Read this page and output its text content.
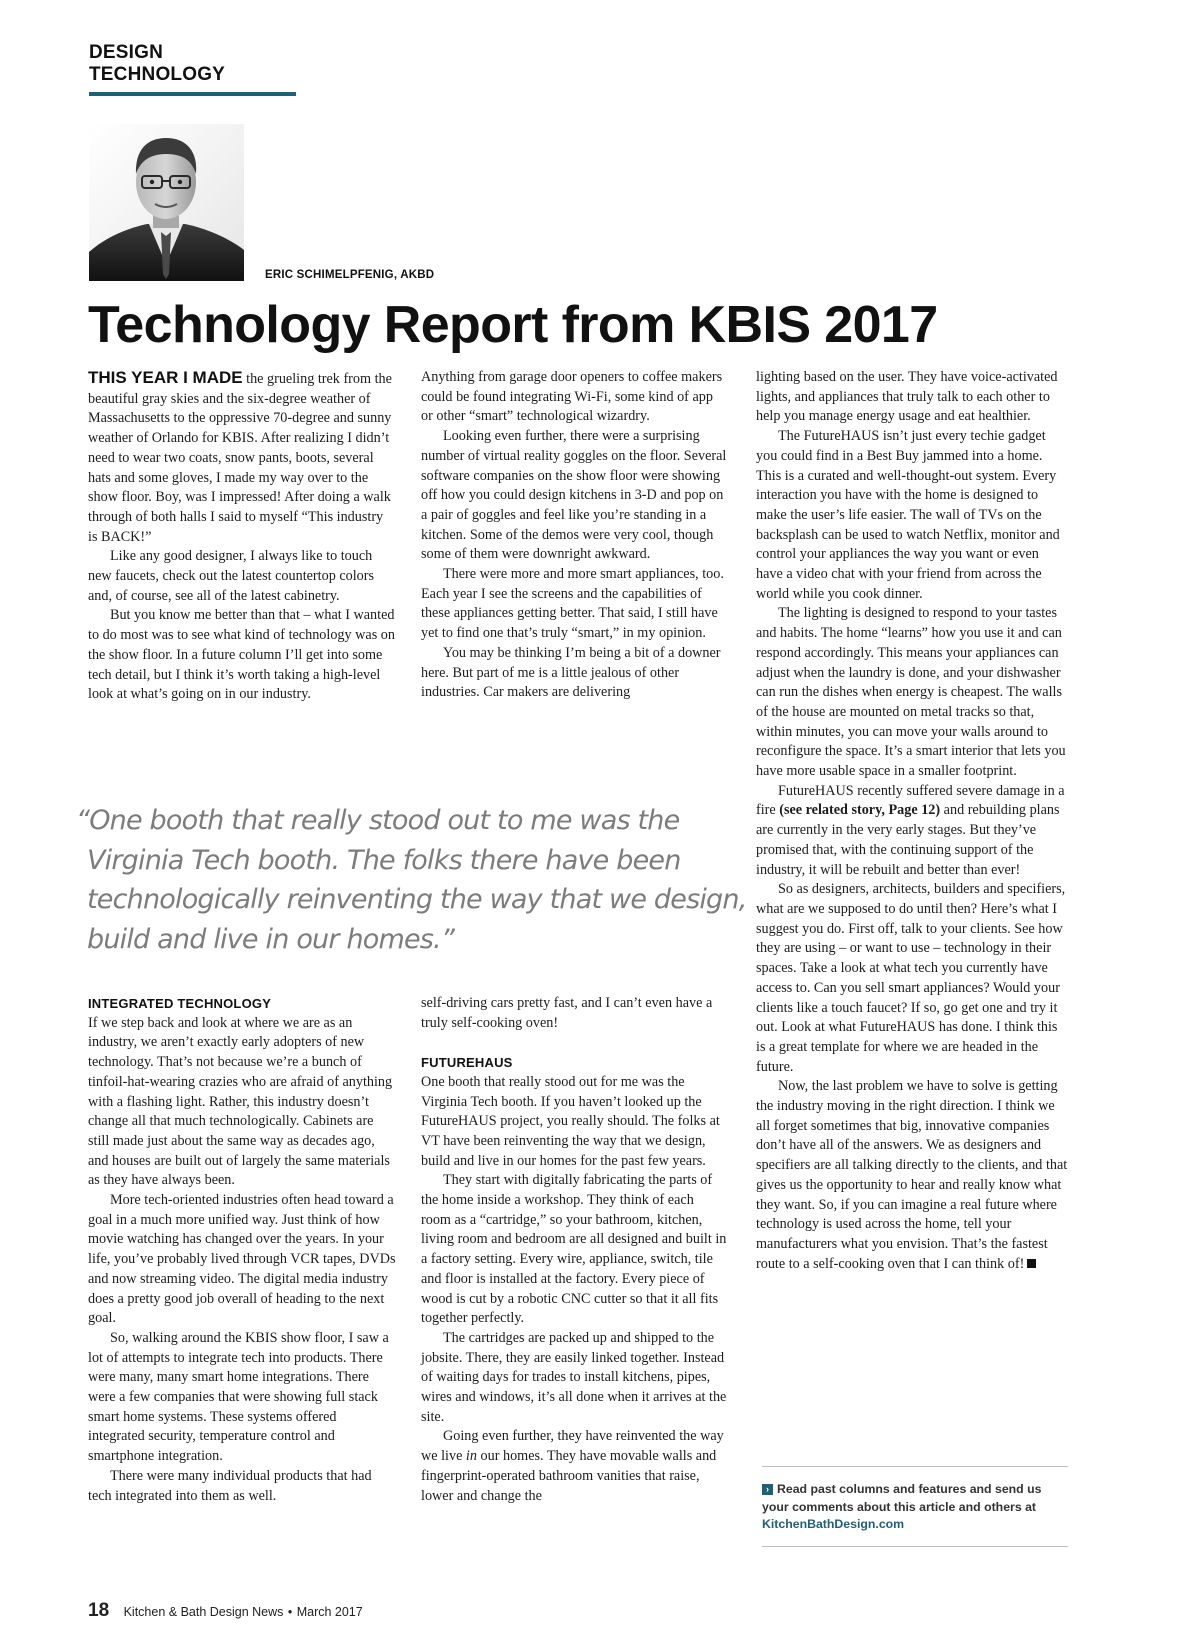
DESIGN TECHNOLOGY
ERIC SCHIMELPFENIG, AKBD
Technology Report from KBIS 2017

THIS YEAR I MADE the grueling trek from the beautiful gray skies and the six-degree weather of Massachusetts to the oppressive 70-degree and sunny weather of Orlando for KBIS. After realizing I didn’t need to wear two coats, snow pants, boots, several hats and some gloves, I made my way over to the show floor. Boy, was I impressed! After doing a walk through of both halls I said to myself “This industry is BACK!”

Like any good designer, I always like to touch new faucets, check out the latest countertop colors and, of course, see all of the latest cabinetry.

But you know me better than that – what I wanted to do most was to see what kind of technology was on the show floor. In a future column I’ll get into some tech detail, but I think it’s worth taking a high-level look at what’s going on in our industry.

Anything from garage door openers to coffee makers could be found integrating Wi-Fi, some kind of app or other “smart” technological wizardry.

Looking even further, there were a surprising number of virtual reality goggles on the floor. Several software companies on the show floor were showing off how you could design kitchens in 3-D and pop on a pair of goggles and feel like you’re standing in a kitchen. Some of the demos were very cool, though some of them were downright awkward.

There were more and more smart appliances, too. Each year I see the screens and the capabilities of these appliances getting better. That said, I still have yet to find one that’s truly “smart,” in my opinion.

You may be thinking I’m being a bit of a downer here. But part of me is a little jealous of other industries. Car makers are delivering

“One booth that really stood out to me was the
Virginia Tech booth. The folks there have been
technologically reinventing the way that we design,
build and live in our homes.”

INTEGRATED TECHNOLOGY

If we step back and look at where we are as an industry, we aren’t exactly early adopters of new technology. That’s not because we’re a bunch of tinfoil-hat-wearing crazies who are afraid of anything with a flashing light. Rather, this industry doesn’t change all that much technologically. Cabinets are still made just about the same way as decades ago, and houses are built out of largely the same materials as they have always been.

More tech-oriented industries often head toward a goal in a much more unified way. Just think of how movie watching has changed over the years. In your life, you’ve probably lived through VCR tapes, DVDs and now streaming video. The digital media industry does a pretty good job overall of heading to the next goal.

So, walking around the KBIS show floor, I saw a lot of attempts to integrate tech into products. There were many, many smart home integrations. There were a few companies that were showing full stack smart home systems. These systems offered integrated security, temperature control and smartphone integration.

There were many individual products that had tech integrated into them as well.

self-driving cars pretty fast, and I can’t even have a truly self-cooking oven!

FUTUREHAUS

One booth that really stood out for me was the Virginia Tech booth. If you haven’t looked up the FutureHAUS project, you really should. The folks at VT have been reinventing the way that we design, build and live in our homes for the past few years.

They start with digitally fabricating the parts of the home inside a workshop. They think of each room as a “cartridge,” so your bathroom, kitchen, living room and bedroom are all designed and built in a factory setting. Every wire, appliance, switch, tile and floor is installed at the factory. Every piece of wood is cut by a robotic CNC cutter so that it all fits together perfectly.

The cartridges are packed up and shipped to the jobsite. There, they are easily linked together. Instead of waiting days for trades to install kitchens, pipes, wires and windows, it’s all done when it arrives at the site.

Going even further, they have reinvented the way we live in our homes. They have movable walls and fingerprint-operated bathroom vanities that raise, lower and change the

lighting based on the user. They have voice-activated lights, and appliances that truly talk to each other to help you manage energy usage and eat healthier.

The FutureHAUS isn’t just every techie gadget you could find in a Best Buy jammed into a home. This is a curated and well-thought-out system. Every interaction you have with the home is designed to make the user’s life easier. The wall of TVs on the backsplash can be used to watch Netflix, monitor and control your appliances the way you want or even have a video chat with your friend from across the world while you cook dinner.

The lighting is designed to respond to your tastes and habits. The home “learns” how you use it and can respond accordingly. This means your appliances can adjust when the laundry is done, and your dishwasher can run the dishes when energy is cheapest. The walls of the house are mounted on metal tracks so that, within minutes, you can move your walls around to reconfigure the space. It’s a smart interior that lets you have more usable space in a smaller footprint.

FutureHAUS recently suffered severe damage in a fire (see related story, Page 12) and rebuilding plans are currently in the very early stages. But they’ve promised that, with the continuing support of the industry, it will be rebuilt and better than ever!

So as designers, architects, builders and specifiers, what are we supposed to do until then? Here’s what I suggest you do. First off, talk to your clients. See how they are using – or want to use – technology in their spaces. Take a look at what tech you currently have access to. Can you sell smart appliances? Would your clients like a touch faucet? If so, go get one and try it out. Look at what FutureHAUS has done. I think this is a great template for where we are headed in the future.

Now, the last problem we have to solve is getting the industry moving in the right direction. I think we all forget sometimes that big, innovative companies don’t have all of the answers. We as designers and specifiers are all talking directly to the clients, and that gives us the opportunity to hear and really know what they want. So, if you can imagine a real future where technology is used across the home, tell your manufacturers what you envision. That’s the fastest route to a self-cooking oven that I can think of!

› Read past columns and features and send us your comments about this article and others at KitchenBathDesign.com
18 Kitchen & Bath Design News • March 2017
